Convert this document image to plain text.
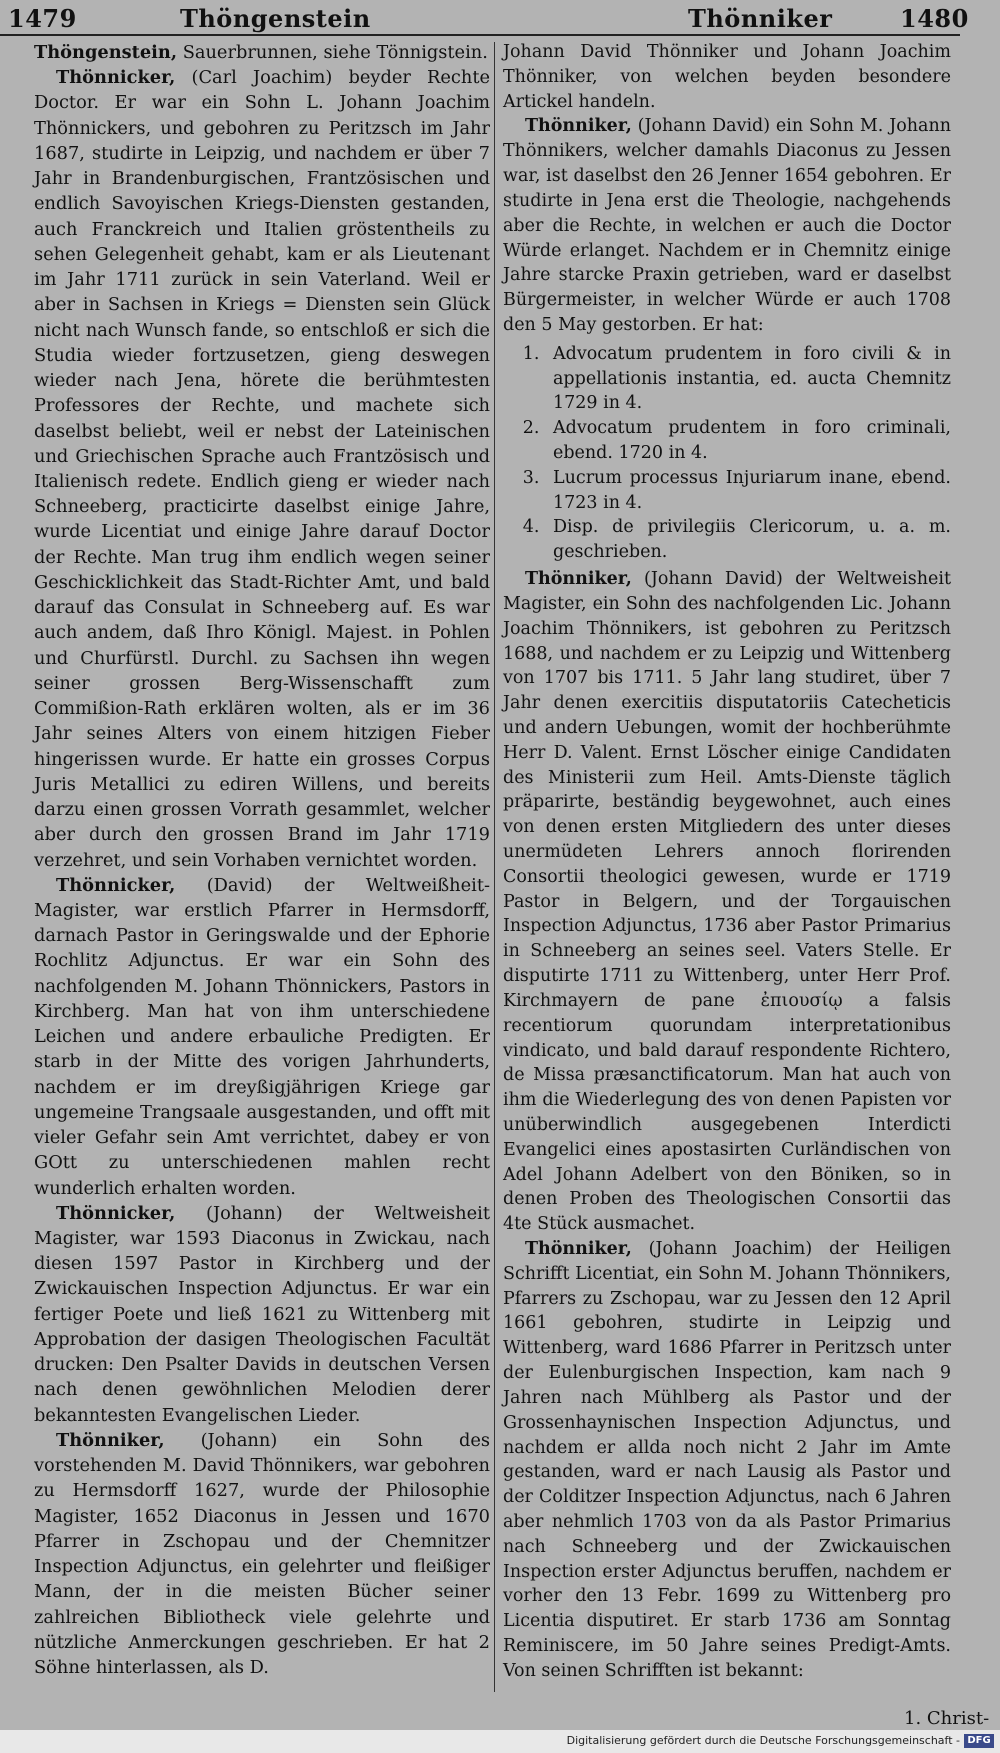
1479	Thöngenstein	Thönniker	1480

Thöngenstein, Sauerbrunnen, siehe Tönnigstein.

Thönnicker, (Carl Joachim) beyder Rechte Doctor. Er war ein Sohn L. Johann Joachim Thönnickers, und gebohren zu Peritzsch im Jahr 1687, studirte in Leipzig, und nachdem er über 7 Jahr in Brandenburgischen, Frantzösischen und endlich Savoyischen Kriegs-Diensten gestanden, auch Franckreich und Italien gröstentheils zu sehen Gelegenheit gehabt, kam er als Lieutenant im Jahr 1711 zurück in sein Vaterland. Weil er aber in Sachsen in Kriegs = Diensten sein Glück nicht nach Wunsch fande, so entschloß er sich die Studia wieder fortzusetzen, gieng deswegen wieder nach Jena, hörete die berühmtesten Professores der Rechte, und machete sich daselbst beliebt, weil er nebst der Lateinischen und Griechischen Sprache auch Frantzösisch und Italienisch redete. Endlich gieng er wieder nach Schneeberg, practicirte daselbst einige Jahre, wurde Licentiat und einige Jahre darauf Doctor der Rechte. Man trug ihm endlich wegen seiner Geschicklichkeit das Stadt-Richter Amt, und bald darauf das Consulat in Schneeberg auf. Es war auch andem, daß Ihro Königl. Majest. in Pohlen und Churfürstl. Durchl. zu Sachsen ihn wegen seiner grossen Berg-Wissenschafft zum Commißion-Rath erklären wolten, als er im 36 Jahr seines Alters von einem hitzigen Fieber hingerissen wurde. Er hatte ein grosses Corpus Juris Metallici zu ediren Willens, und bereits darzu einen grossen Vorrath gesammlet, welcher aber durch den grossen Brand im Jahr 1719 verzehret, und sein Vorhaben vernichtet worden.

Thönnicker, (David) der Weltweißheit-Magister, war erstlich Pfarrer in Hermsdorff, darnach Pastor in Geringswalde und der Ephorie Rochlitz Adjunctus. Er war ein Sohn des nachfolgenden M. Johann Thönnickers, Pastors in Kirchberg. Man hat von ihm unterschiedene Leichen und andere erbauliche Predigten. Er starb in der Mitte des vorigen Jahrhunderts, nachdem er im dreyßigjährigen Kriege gar ungemeine Trangsaale ausgestanden, und offt mit vieler Gefahr sein Amt verrichtet, dabey er von GOtt zu unterschiedenen mahlen recht wunderlich erhalten worden.

Thönnicker, (Johann) der Weltweisheit Magister, war 1593 Diaconus in Zwickau, nach diesen 1597 Pastor in Kirchberg und der Zwickauischen Inspection Adjunctus. Er war ein fertiger Poete und ließ 1621 zu Wittenberg mit Approbation der dasigen Theologischen Facultät drucken: Den Psalter Davids in deutschen Versen nach denen gewöhnlichen Melodien derer bekanntesten Evangelischen Lieder.

Thönniker, (Johann) ein Sohn des vorstehenden M. David Thönnikers, war gebohren zu Hermsdorff 1627, wurde der Philosophie Magister, 1652 Diaconus in Jessen und 1670 Pfarrer in Zschopau und der Chemnitzer Inspection Adjunctus, ein gelehrter und fleißiger Mann, der in die meisten Bücher seiner zahlreichen Bibliotheck viele gelehrte und nützliche Anmerckungen geschrieben. Er hat 2 Söhne hinterlassen, als D.

Johann David Thönniker und Johann Joachim Thönniker, von welchen beyden besondere Artickel handeln.

Thönniker, (Johann David) ein Sohn M. Johann Thönnikers, welcher damahls Diaconus zu Jessen war, ist daselbst den 26 Jenner 1654 gebohren. Er studirte in Jena erst die Theologie, nachgehends aber die Rechte, in welchen er auch die Doctor Würde erlanget. Nachdem er in Chemnitz einige Jahre starcke Praxin getrieben, ward er daselbst Bürgermeister, in welcher Würde er auch 1708 den 5 May gestorben. Er hat:

1. Advocatum prudentem in foro civili & in appellationis instantia, ed. aucta Chemnitz 1729 in 4.
2. Advocatum prudentem in foro criminali, ebend. 1720 in 4.
3. Lucrum processus Injuriarum inane, ebend. 1723 in 4.
4. Disp. de privilegiis Clericorum, u. a. m. geschrieben.

Thönniker, (Johann David) der Weltweisheit Magister, ein Sohn des nachfolgenden Lic. Johann Joachim Thönnikers, ist gebohren zu Peritzsch 1688, und nachdem er zu Leipzig und Wittenberg von 1707 bis 1711. 5 Jahr lang studiret, über 7 Jahr denen exercitiis disputatoriis Catecheticis und andern Uebungen, womit der hochberühmte Herr D. Valent. Ernst Löscher einige Candidaten des Ministerii zum Heil. Amts-Dienste täglich präparirte, beständig beygewohnet, auch eines von denen ersten Mitgliedern des unter dieses unermüdeten Lehrers annoch florirenden Consortii theologici gewesen, wurde er 1719 Pastor in Belgern, und der Torgauischen Inspection Adjunctus, 1736 aber Pastor Primarius in Schneeberg an seines seel. Vaters Stelle. Er disputirte 1711 zu Wittenberg, unter Herr Prof. Kirchmayern de pane ἐπιουσίῳ a falsis recentiorum quorundam interpretationibus vindicato, und bald darauf respondente Richtero, de Missa præsanctificatorum. Man hat auch von ihm die Wiederlegung des von denen Papisten vor unüberwindlich ausgegebenen Interdicti Evangelici eines apostasirten Curländischen von Adel Johann Adelbert von den Böniken, so in denen Proben des Theologischen Consortii das 4te Stück ausmachet.

Thönniker, (Johann Joachim) der Heiligen Schrifft Licentiat, ein Sohn M. Johann Thönnikers, Pfarrers zu Zschopau, war zu Jessen den 12 April 1661 gebohren, studirte in Leipzig und Wittenberg, ward 1686 Pfarrer in Peritzsch unter der Eulenburgischen Inspection, kam nach 9 Jahren nach Mühlberg als Pastor und der Grossenhaynischen Inspection Adjunctus, und nachdem er allda noch nicht 2 Jahr im Amte gestanden, ward er nach Lausig als Pastor und der Colditzer Inspection Adjunctus, nach 6 Jahren aber nehmlich 1703 von da als Pastor Primarius nach Schneeberg und der Zwickauischen Inspection erster Adjunctus beruffen, nachdem er vorher den 13 Febr. 1699 zu Wittenberg pro Licentia disputiret. Er starb 1736 am Sonntag Reminiscere, im 50 Jahre seines Predigt-Amts. Von seinen Schrifften ist bekannt:

1. Christ-
Digitalisierung gefördert durch die Deutsche Forschungsgemeinschaft - DFG
